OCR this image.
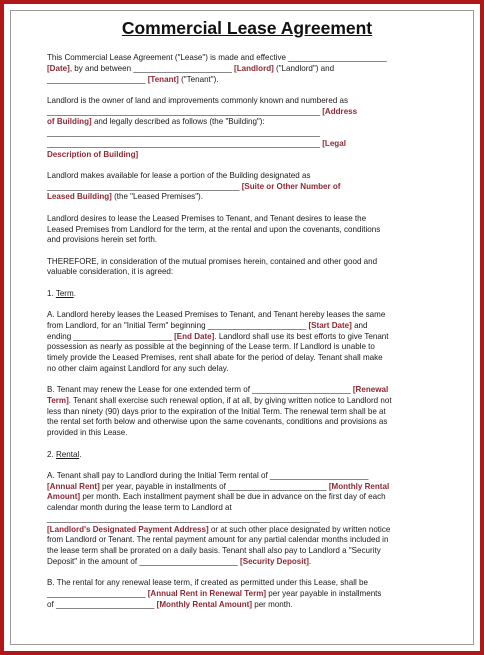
Commercial Lease Agreement

This Commercial Lease Agreement ("Lease") is made and effective ______________________
[Date], by and between ______________________ [Landlord] ("Landlord") and
______________________ [Tenant] ("Tenant").

Landlord is the owner of land and improvements commonly known and numbered as
_____________________________________________________________ [Address
of Building] and legally described as follows (the "Building"):
_____________________________________________________________
_____________________________________________________________ [Legal
Description of Building]

Landlord makes available for lease a portion of the Building designated as
___________________________________________ [Suite or Other Number of
Leased Building] (the "Leased Premises").

Landlord desires to lease the Leased Premises to Tenant, and Tenant desires to lease the
Leased Premises from Landlord for the term, at the rental and upon the covenants, conditions
and provisions herein set forth.

THEREFORE, in consideration of the mutual promises herein, contained and other good and
valuable consideration, it is agreed:

1. Term.

A. Landlord hereby leases the Leased Premises to Tenant, and Tenant hereby leases the same
from Landlord, for an "Initial Term" beginning ______________________ [Start Date] and
ending ______________________ [End Date]. Landlord shall use its best efforts to give Tenant
possession as nearly as possible at the beginning of the Lease term. If Landlord is unable to
timely provide the Leased Premises, rent shall abate for the period of delay. Tenant shall make
no other claim against Landlord for any such delay.

B. Tenant may renew the Lease for one extended term of ______________________ [Renewal
Term]. Tenant shall exercise such renewal option, if at all, by giving written notice to Landlord not
less than ninety (90) days prior to the expiration of the Initial Term. The renewal term shall be at
the rental set forth below and otherwise upon the same covenants, conditions and provisions as
provided in this Lease.

2. Rental.

A. Tenant shall pay to Landlord during the Initial Term rental of ______________________
[Annual Rent] per year, payable in installments of ______________________ [Monthly Rental
Amount] per month. Each installment payment shall be due in advance on the first day of each
calendar month during the lease term to Landlord at
_____________________________________________________________
[Landlord's Designated Payment Address] or at such other place designated by written notice
from Landlord or Tenant. The rental payment amount for any partial calendar months included in
the lease term shall be prorated on a daily basis. Tenant shall also pay to Landlord a "Security
Deposit" in the amount of ______________________ [Security Deposit].

B. The rental for any renewal lease term, if created as permitted under this Lease, shall be
______________________ [Annual Rent in Renewal Term] per year payable in installments
of ______________________ [Monthly Rental Amount] per month.
